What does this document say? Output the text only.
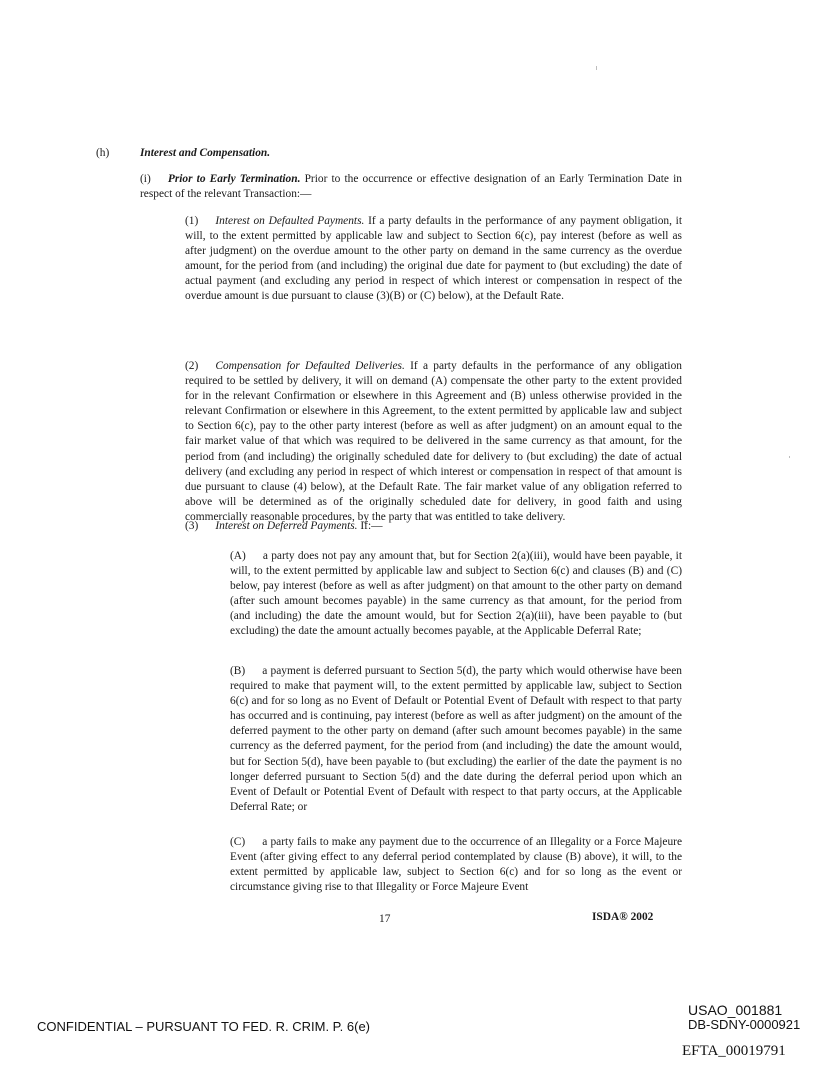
(h)	Interest and Compensation.
(i)   Prior to Early Termination. Prior to the occurrence or effective designation of an Early Termination Date in respect of the relevant Transaction:—
(1)   Interest on Defaulted Payments. If a party defaults in the performance of any payment obligation, it will, to the extent permitted by applicable law and subject to Section 6(c), pay interest (before as well as after judgment) on the overdue amount to the other party on demand in the same currency as the overdue amount, for the period from (and including) the original due date for payment to (but excluding) the date of actual payment (and excluding any period in respect of which interest or compensation in respect of the overdue amount is due pursuant to clause (3)(B) or (C) below), at the Default Rate.
(2)   Compensation for Defaulted Deliveries. If a party defaults in the performance of any obligation required to be settled by delivery, it will on demand (A) compensate the other party to the extent provided for in the relevant Confirmation or elsewhere in this Agreement and (B) unless otherwise provided in the relevant Confirmation or elsewhere in this Agreement, to the extent permitted by applicable law and subject to Section 6(c), pay to the other party interest (before as well as after judgment) on an amount equal to the fair market value of that which was required to be delivered in the same currency as that amount, for the period from (and including) the originally scheduled date for delivery to (but excluding) the date of actual delivery (and excluding any period in respect of which interest or compensation in respect of that amount is due pursuant to clause (4) below), at the Default Rate. The fair market value of any obligation referred to above will be determined as of the originally scheduled date for delivery, in good faith and using commercially reasonable procedures, by the party that was entitled to take delivery.
(3)   Interest on Deferred Payments. If:—
(A)   a party does not pay any amount that, but for Section 2(a)(iii), would have been payable, it will, to the extent permitted by applicable law and subject to Section 6(c) and clauses (B) and (C) below, pay interest (before as well as after judgment) on that amount to the other party on demand (after such amount becomes payable) in the same currency as that amount, for the period from (and including) the date the amount would, but for Section 2(a)(iii), have been payable to (but excluding) the date the amount actually becomes payable, at the Applicable Deferral Rate;
(B)   a payment is deferred pursuant to Section 5(d), the party which would otherwise have been required to make that payment will, to the extent permitted by applicable law, subject to Section 6(c) and for so long as no Event of Default or Potential Event of Default with respect to that party has occurred and is continuing, pay interest (before as well as after judgment) on the amount of the deferred payment to the other party on demand (after such amount becomes payable) in the same currency as the deferred payment, for the period from (and including) the date the amount would, but for Section 5(d), have been payable to (but excluding) the earlier of the date the payment is no longer deferred pursuant to Section 5(d) and the date during the deferral period upon which an Event of Default or Potential Event of Default with respect to that party occurs, at the Applicable Deferral Rate; or
(C)   a party fails to make any payment due to the occurrence of an Illegality or a Force Majeure Event (after giving effect to any deferral period contemplated by clause (B) above), it will, to the extent permitted by applicable law, subject to Section 6(c) and for so long as the event or circumstance giving rise to that Illegality or Force Majeure Event
17	ISDA® 2002
CONFIDENTIAL – PURSUANT TO FED. R. CRIM. P. 6(e)
USAO_001881
DB-SDNY-0000921
EFTA_00019791
